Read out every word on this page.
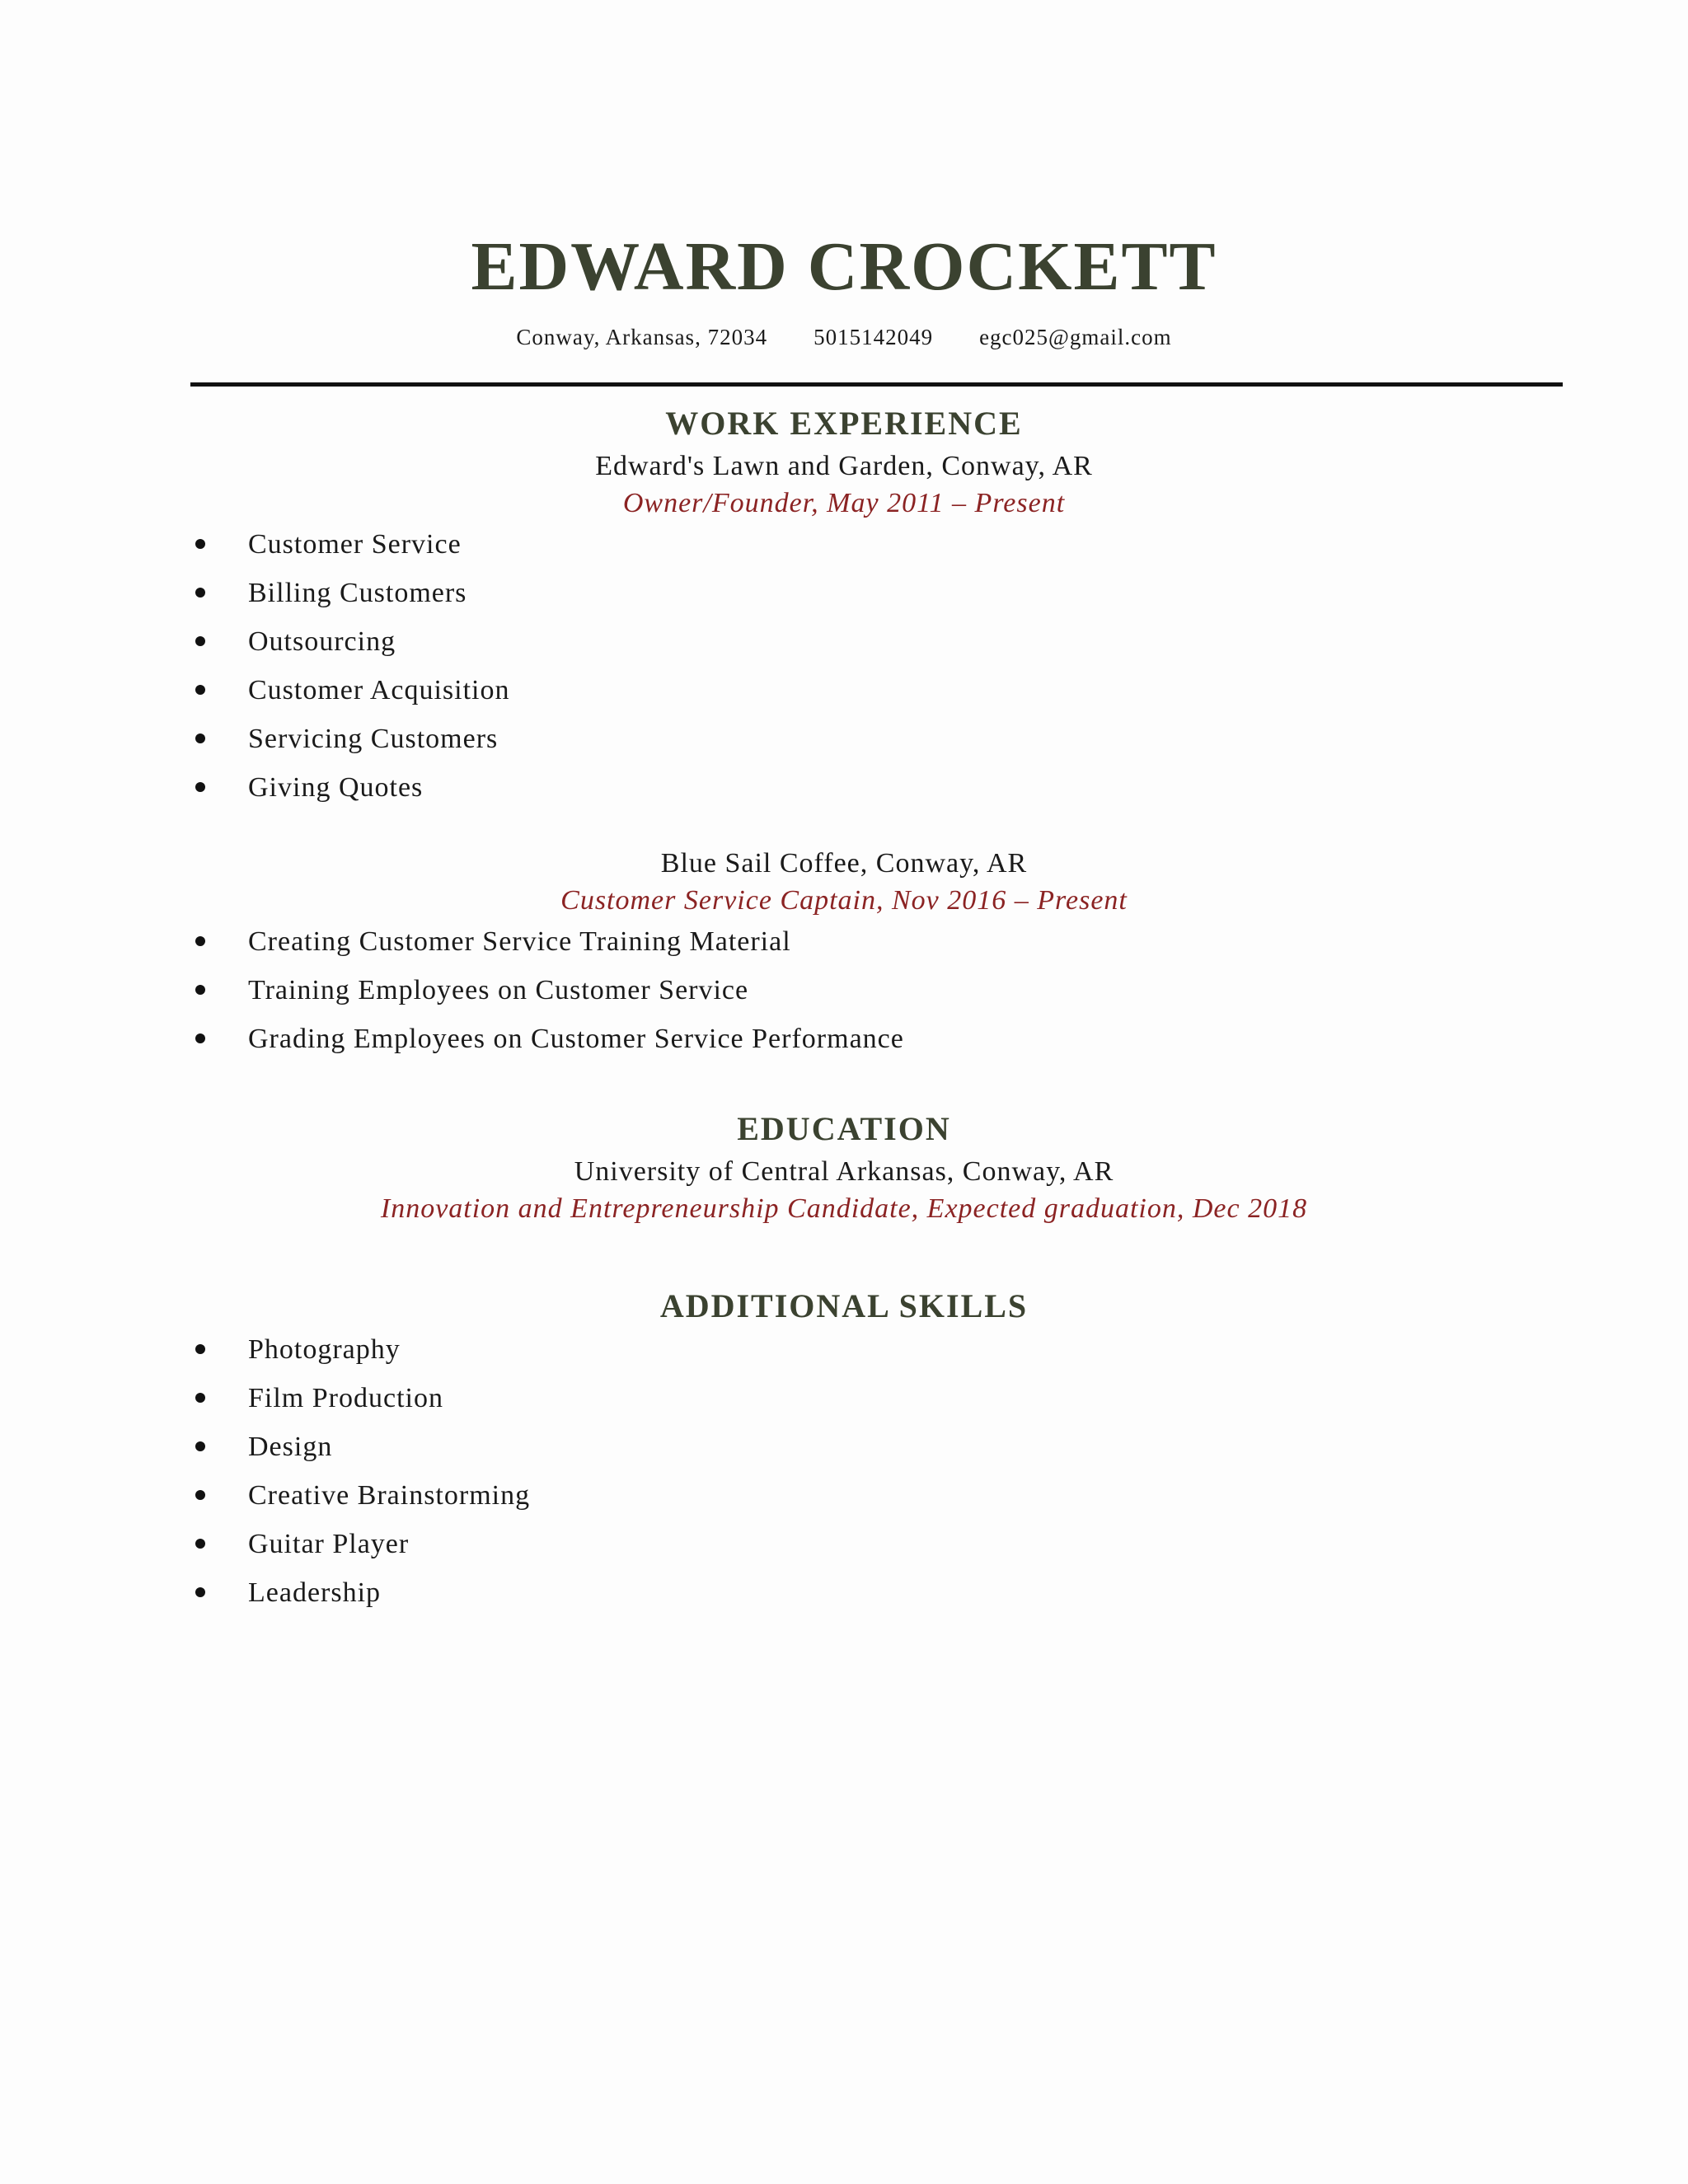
EDWARD CROCKETT
Conway, Arkansas, 72034 5015142049 egc025@gmail.com
WORK EXPERIENCE
Edward's Lawn and Garden, Conway, AR
Owner/Founder, May 2011 – Present
Customer Service
Billing Customers
Outsourcing
Customer Acquisition
Servicing Customers
Giving Quotes
Blue Sail Coffee, Conway, AR
Customer Service Captain, Nov 2016 – Present
Creating Customer Service Training Material
Training Employees on Customer Service
Grading Employees on Customer Service Performance
EDUCATION
University of Central Arkansas, Conway, AR
Innovation and Entrepreneurship Candidate, Expected graduation, Dec 2018
ADDITIONAL SKILLS
Photography
Film Production
Design
Creative Brainstorming
Guitar Player
Leadership
